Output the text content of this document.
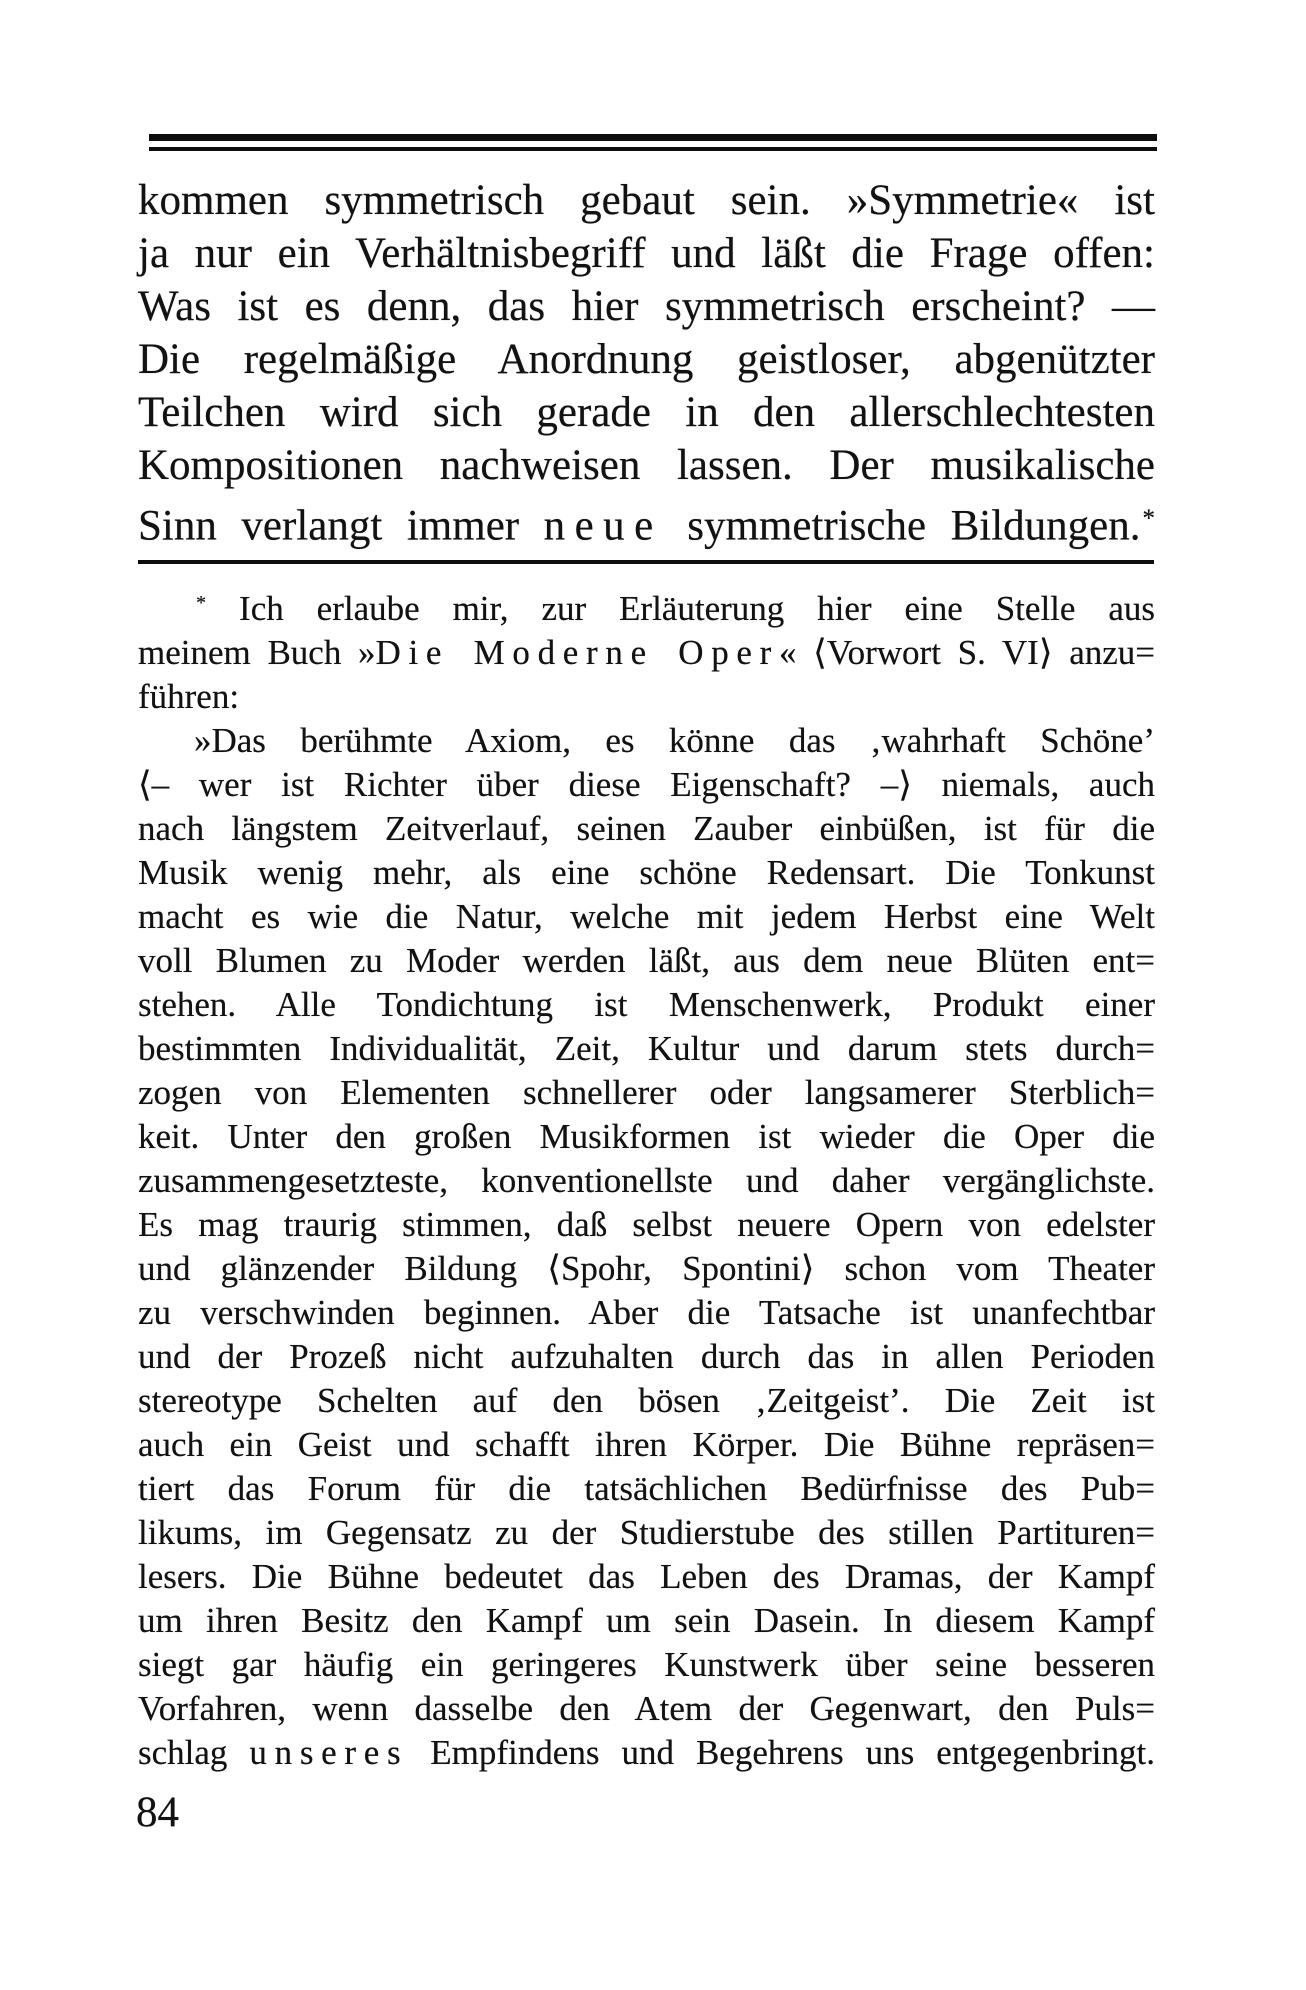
kommen symmetrisch gebaut sein. »Symmetrie« ist
ja nur ein Verhältnisbegriff und läßt die Frage offen:
Was ist es denn, das hier symmetrisch erscheint? —
Die regelmäßige Anordnung geistloser, abgenützter
Teilchen wird sich gerade in den allerschlechtesten
Kompositionen nachweisen lassen. Der musikalische
Sinn verlangt immer neue symmetrische Bildungen.*
* Ich erlaube mir, zur Erläuterung hier eine Stelle aus
meinem Buch »Die Moderne Oper« ⟨Vorwort S. VI⟩ anzu=
führen:
»Das berühmte Axiom, es könne das ‚wahrhaft Schöne’
⟨– wer ist Richter über diese Eigenschaft? –⟩ niemals, auch
nach längstem Zeitverlauf, seinen Zauber einbüßen, ist für die
Musik wenig mehr, als eine schöne Redensart. Die Tonkunst
macht es wie die Natur, welche mit jedem Herbst eine Welt
voll Blumen zu Moder werden läßt, aus dem neue Blüten ent=
stehen. Alle Tondichtung ist Menschenwerk, Produkt einer
bestimmten Individualität, Zeit, Kultur und darum stets durch=
zogen von Elementen schnellerer oder langsamerer Sterblich=
keit. Unter den großen Musikformen ist wieder die Oper die
zusammengesetzteste, konventionellste und daher vergänglichste.
Es mag traurig stimmen, daß selbst neuere Opern von edelster
und glänzender Bildung ⟨Spohr, Spontini⟩ schon vom Theater
zu verschwinden beginnen. Aber die Tatsache ist unanfechtbar
und der Prozeß nicht aufzuhalten durch das in allen Perioden
stereotype Schelten auf den bösen ‚Zeitgeist’. Die Zeit ist
auch ein Geist und schafft ihren Körper. Die Bühne repräsen=
tiert das Forum für die tatsächlichen Bedürfnisse des Pub=
likums, im Gegensatz zu der Studierstube des stillen Partituren=
lesers. Die Bühne bedeutet das Leben des Dramas, der Kampf
um ihren Besitz den Kampf um sein Dasein. In diesem Kampf
siegt gar häufig ein geringeres Kunstwerk über seine besseren
Vorfahren, wenn dasselbe den Atem der Gegenwart, den Puls=
schlag unseres Empfindens und Begehrens uns entgegenbringt.
84
